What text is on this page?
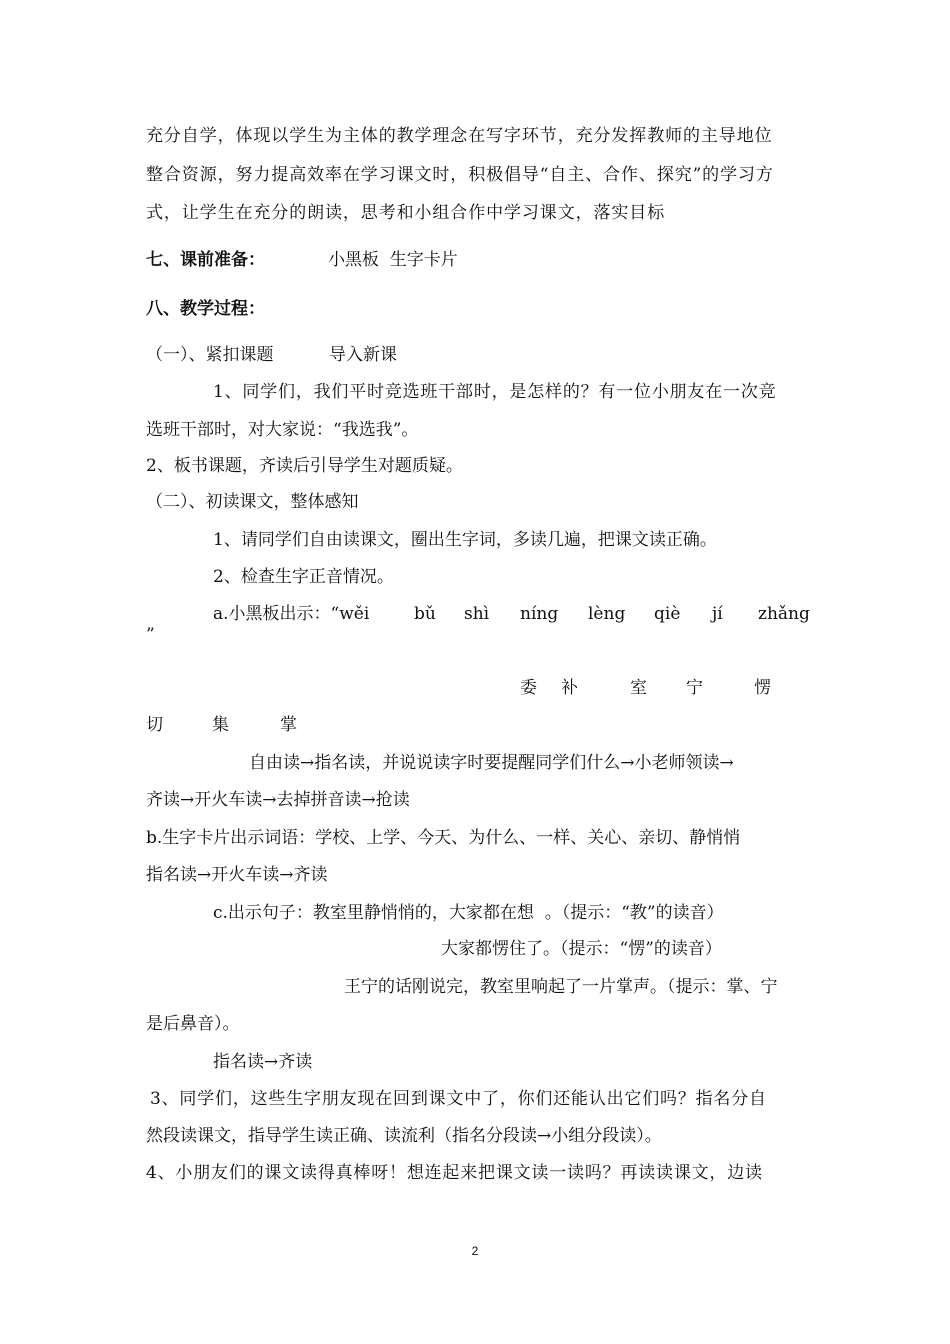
充分自学，体现以学生为主体的教学理念在写字环节，充分发挥教师的主导地位
整合资源，努力提高效率在学习课文时，积极倡导“自主、合作、探究”的学习方
式，让学生在充分的朗读，思考和小组合作中学习课文，落实目标

七、课前准备：

	小黑板  生字卡片

八、教学过程：

（一）、紧扣课题

	导入新课

1、同学们，我们平时竞选班干部时，是怎样的？有一位小朋友在一次竞
选班干部时，对大家说：“我选我”。
2、板书课题，齐读后引导学生对题质疑。
（二）、初读课文，整体感知
1、请同学们自由读课文，圈出生字词，多读几遍，把课文读正确。
2、检查生字正音情况。

a.小黑板出示：“wěi

	bǔ

shì

níng

lèng

qiè

jí

zhǎng

”

委

补

	室

宁

	愣

切

	集

	掌

自由读→指名读，并说说读字时要提醒同学们什么→小老师领读→
齐读→开火车读→去掉拼音读→抢读
b.生字卡片出示词语：学校、上学、今天、为什么、一样、关心、亲切、静悄悄
指名读→开火车读→齐读
c.出示句子：教室里静悄悄的，大家都在想  。（提示：“教”的读音）
大家都愣住了。（提示：“愣”的读音）
王宁的话刚说完，教室里响起了一片掌声。（提示：掌、宁
是后鼻音）。
指名读→齐读
3、同学们，这些生字朋友现在回到课文中了，你们还能认出它们吗？指名分自
然段读课文，指导学生读正确、读流利（指名分段读→小组分段读）。
4、小朋友们的课文读得真棒呀！想连起来把课文读一读吗？再读读课文，边读
2
